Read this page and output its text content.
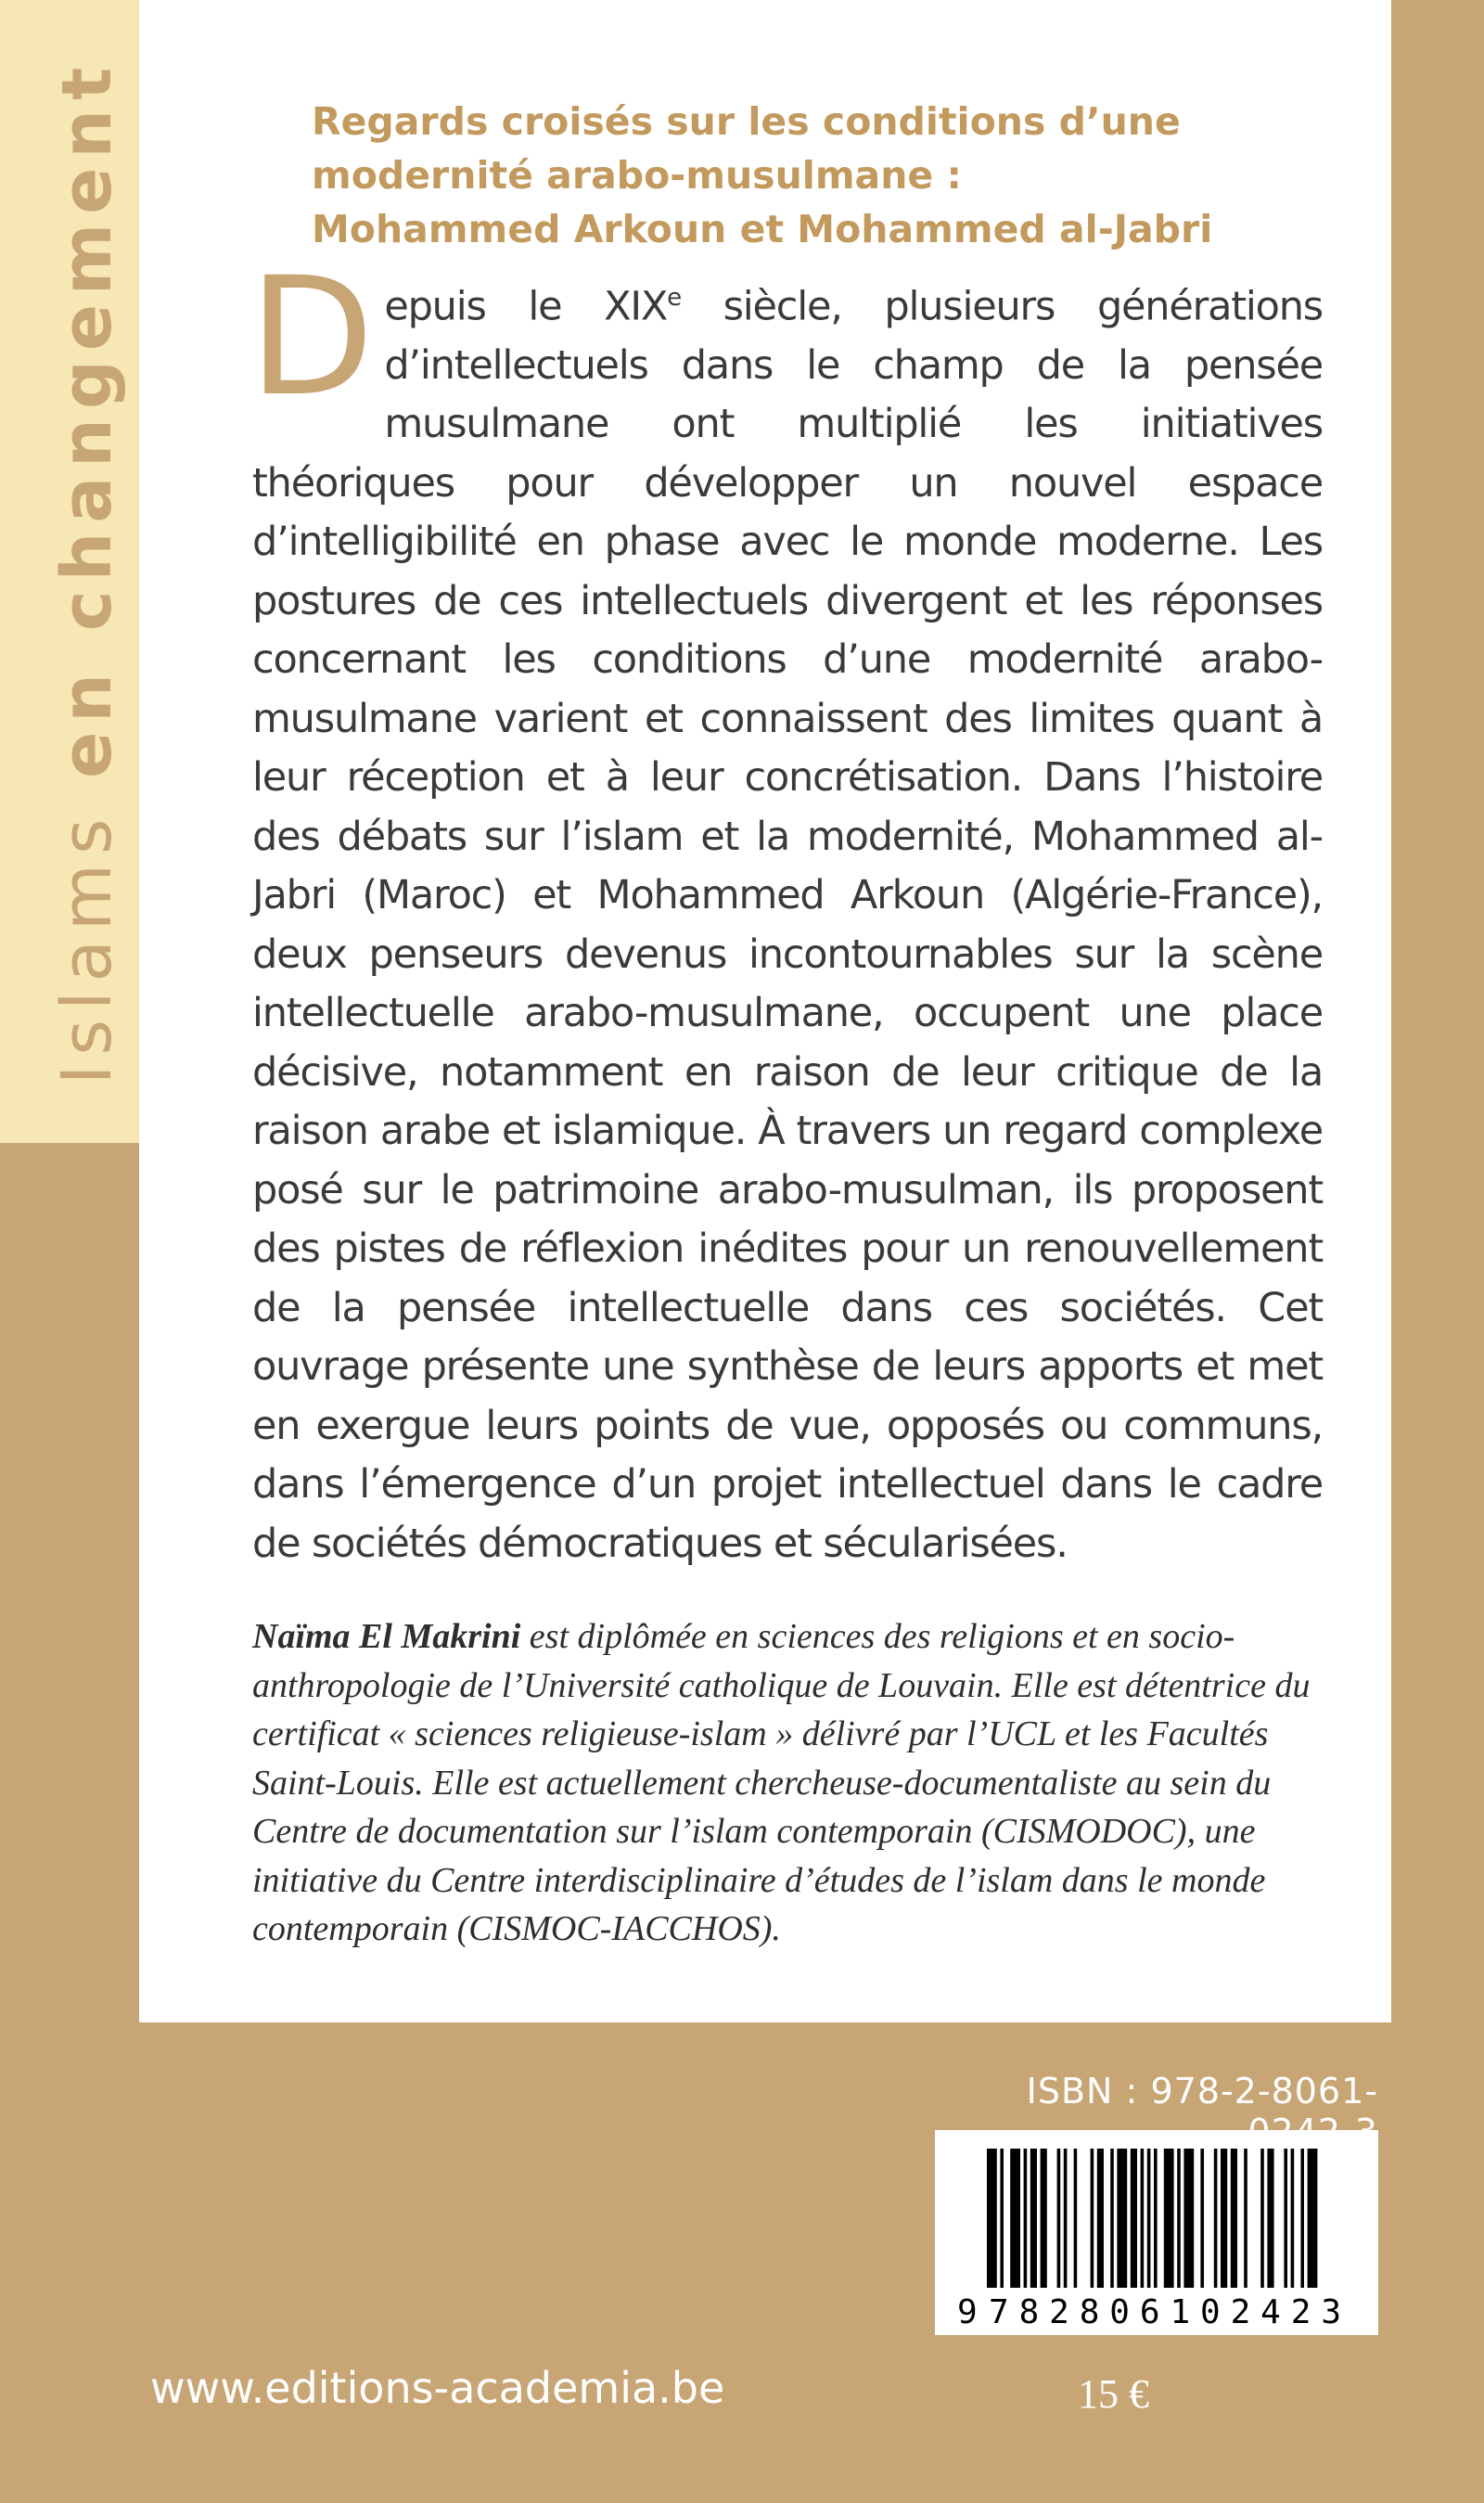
Islams en changement	Regards croisés sur les conditions d’une
modernité arabo-musulmane :
Mohammed Arkoun et Mohammed al-Jabri

Depuis le XIXe siècle, plusieurs générations d’intellectuels dans le champ de la pensée musulmane ont multiplié les initiatives théoriques pour développer un nouvel espace d’intelligibilité en phase avec le monde moderne. Les postures de ces intellectuels divergent et les réponses concernant les conditions d’une modernité arabo-musulmane varient et connaissent des limites quant à leur réception et à leur concrétisation. Dans l’histoire des débats sur l’islam et la modernité, Mohammed al-Jabri (Maroc) et Mohammed Arkoun (Algérie-France), deux penseurs devenus incontournables sur la scène intellectuelle arabo-musulmane, occupent une place décisive, notamment en raison de leur critique de la raison arabe et islamique. À travers un regard complexe posé sur le patrimoine arabo-musulman, ils proposent des pistes de réflexion inédites pour un renouvellement de la pensée intellectuelle dans ces sociétés. Cet ouvrage présente une synthèse de leurs apports et met en exergue leurs points de vue, opposés ou communs, dans l’émergence d’un projet intellectuel dans le cadre de sociétés démocratiques et sécularisées.

Naïma El Makrini est diplômée en sciences des religions et en socio-anthropologie de l’Université catholique de Louvain. Elle est détentrice du certificat « sciences religieuse-islam » délivré par l’UCL et les Facultés Saint-Louis. Elle est actuellement chercheuse-documentaliste au sein du Centre de documentation sur l’islam contemporain (CISMODOC), une initiative du Centre interdisciplinaire d’études de l’islam dans le monde contemporain (CISMOC-IACCHOS).

ISBN : 978-2-8061-
9 782806102423
www.editions-academia.be	15 €
